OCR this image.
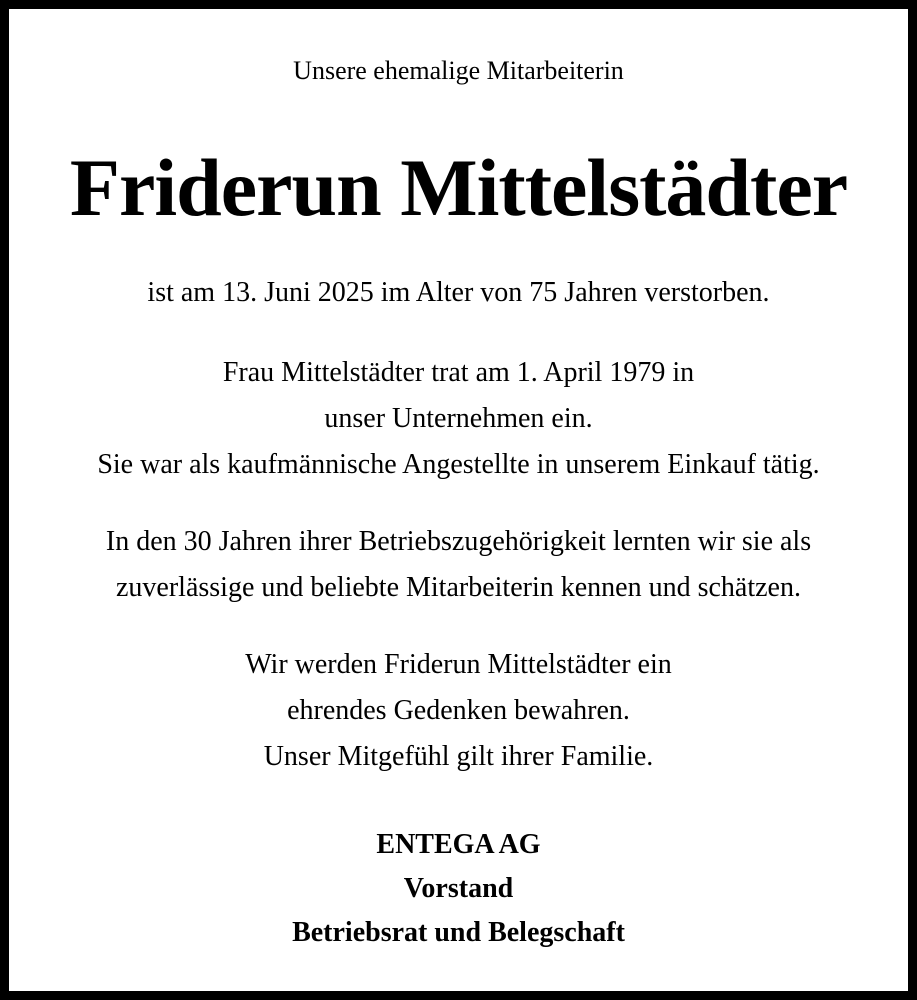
Unsere ehemalige Mitarbeiterin
Friderun Mittelstädter
ist am 13. Juni 2025 im Alter von 75 Jahren verstorben.
Frau Mittelstädter trat am 1. April 1979 in
unser Unternehmen ein.
Sie war als kaufmännische Angestellte in unserem Einkauf tätig.
In den 30 Jahren ihrer Betriebszugehörigkeit lernten wir sie als
zuverlässige und beliebte Mitarbeiterin kennen und schätzen.
Wir werden Friderun Mittelstädter ein
ehrendes Gedenken bewahren.
Unser Mitgefühl gilt ihrer Familie.
ENTEGA AG
Vorstand
Betriebsrat und Belegschaft
